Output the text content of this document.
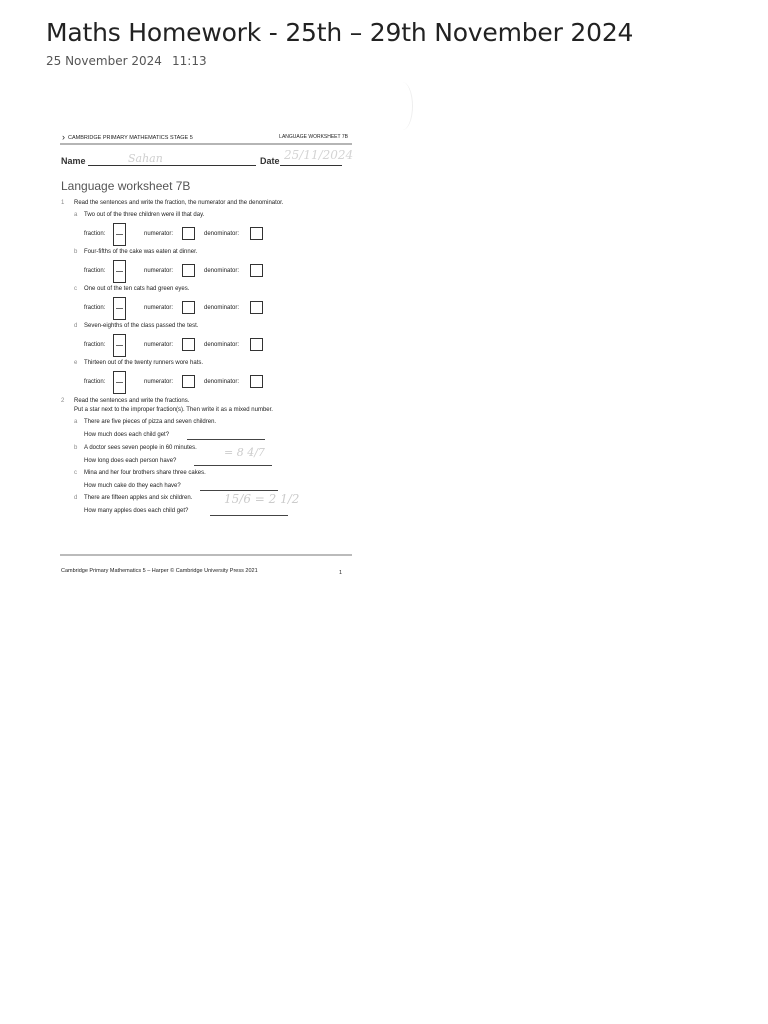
Maths Homework - 25th – 29th November 2024
25 November 2024 11:13
› CAMBRIDGE PRIMARY MATHEMATICS STAGE 5	LANGUAGE WORKSHEET 7B
Name	Sahan	Date 25/11/2024
Language worksheet 7B
1 Read the sentences and write the fraction, the numerator and the denominator.
a Two out of the three children were ill that day.
fraction:	numerator:	denominator:
b Four-fifths of the cake was eaten at dinner.
fraction:	numerator:	denominator:
c One out of the ten cats had green eyes.
fraction:	numerator:	denominator:
d Seven-eighths of the class passed the test.
fraction:	numerator:	denominator:
e Thirteen out of the twenty runners wore hats.
fraction:	numerator:	denominator:
2 Read the sentences and write the fractions.
Put a star next to the improper fraction(s). Then write it as a mixed number.
a There are five pieces of pizza and seven children.
How much does each child get?
b A doctor sees seven people in 60 minutes.
How long does each person have?
= 8 4/7
c Mina and her four brothers share three cakes.
How much cake do they each have?
d There are fifteen apples and six children.
How many apples does each child get?
15/6 = 2 1/2
Cambridge Primary Mathematics 5 – Harper © Cambridge University Press 2021	1
